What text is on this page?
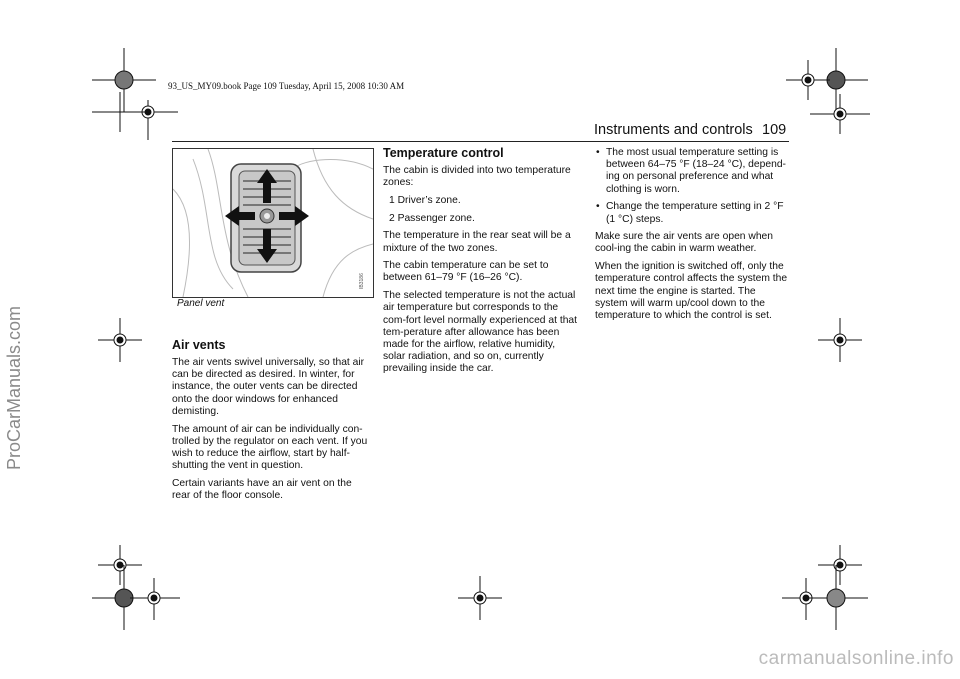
93_US_MY09.book Page 109 Tuesday, April 15, 2008 10:30 AM
Instruments and controls 109
IB3186
Panel vent
Air vents

The air vents swivel universally, so that air can be directed as desired. In winter, for instance, the outer vents can be directed onto the door windows for enhanced demisting.

The amount of air can be individually con-trolled by the regulator on each vent. If you wish to reduce the airflow, start by half-shutting the vent in question.

Certain variants have an air vent on the rear of the floor console.

Temperature control

The cabin is divided into two temperature zones:

1 Driver’s zone.

2 Passenger zone.

The temperature in the rear seat will be a mixture of the two zones.

The cabin temperature can be set to between 61–79 °F (16–26 °C).

The selected temperature is not the actual air temperature but corresponds to the com-fort level normally experienced at that tem-perature after allowance has been made for the airflow, relative humidity, solar radiation, and so on, currently prevailing inside the car.

• The most usual temperature setting is between 64–75 °F (18–24 °C), depend-ing on personal preference and what clothing is worn.
• Change the temperature setting in 2 °F (1 °C) steps.

Make sure the air vents are open when cool-ing the cabin in warm weather.

When the ignition is switched off, only the temperature control affects the system the next time the engine is started. The system will warm up/cool down to the temperature to which the control is set.

ProCarManuals.com
carmanualsonline.info
